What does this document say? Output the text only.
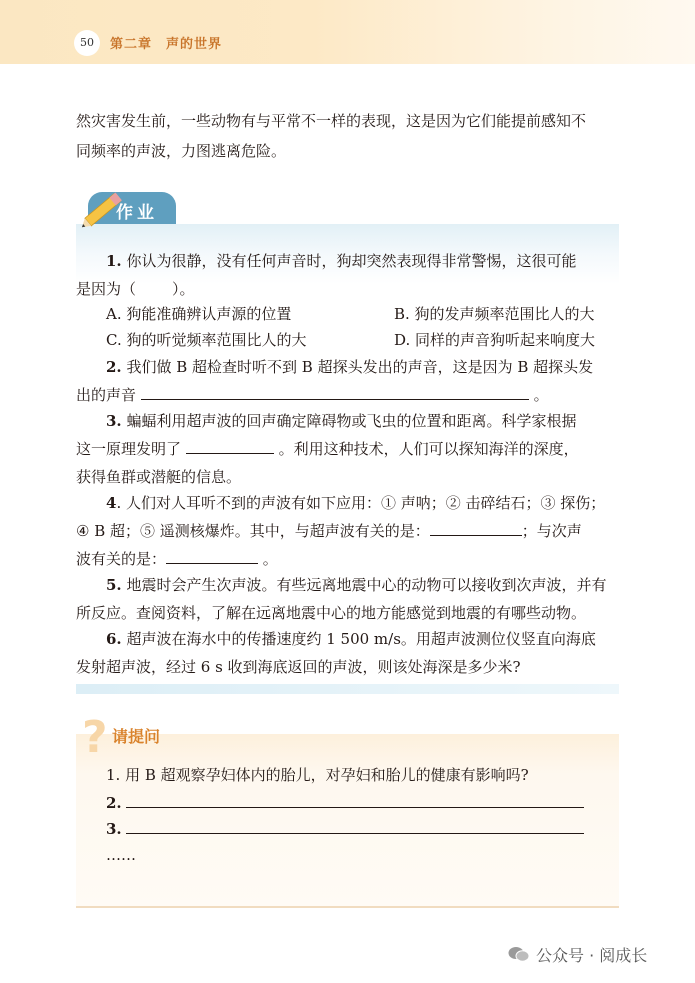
50	第二章　声的世界
然灾害发生前，一些动物有与平常不一样的表现，这是因为它们能提前感知不
同频率的声波，力图逃离危险。
作业
1. 你认为很静，没有任何声音时，狗却突然表现得非常警惕，这很可能
是因为（ ）。
A. 狗能准确辨认声源的位置	B. 狗的发声频率范围比人的大
C. 狗的听觉频率范围比人的大	D. 同样的声音狗听起来响度大
2. 我们做 B 超检查时听不到 B 超探头发出的声音，这是因为 B 超探头发
出的声音	。
3. 蝙蝠利用超声波的回声确定障碍物或飞虫的位置和距离。科学家根据
这一原理发明了	。利用这种技术，人们可以探知海洋的深度，
获得鱼群或潜艇的信息。
4. 人们对人耳听不到的声波有如下应用：① 声呐；② 击碎结石；③ 探伤；
④ B 超；⑤ 遥测核爆炸。其中，与超声波有关的是：	；与次声
波有关的是：	。
5. 地震时会产生次声波。有些远离地震中心的动物可以接收到次声波，并有
所反应。查阅资料，了解在远离地震中心的地方能感觉到地震的有哪些动物。
6. 超声波在海水中的传播速度约 1 500 m/s。用超声波测位仪竖直向海底
发射超声波，经过 6 s 收到海底返回的声波，则该处海深是多少米?
? 请提问
1. 用 B 超观察孕妇体内的胎儿，对孕妇和胎儿的健康有影响吗?
2.
3.
……
公众号 · 阅成长
